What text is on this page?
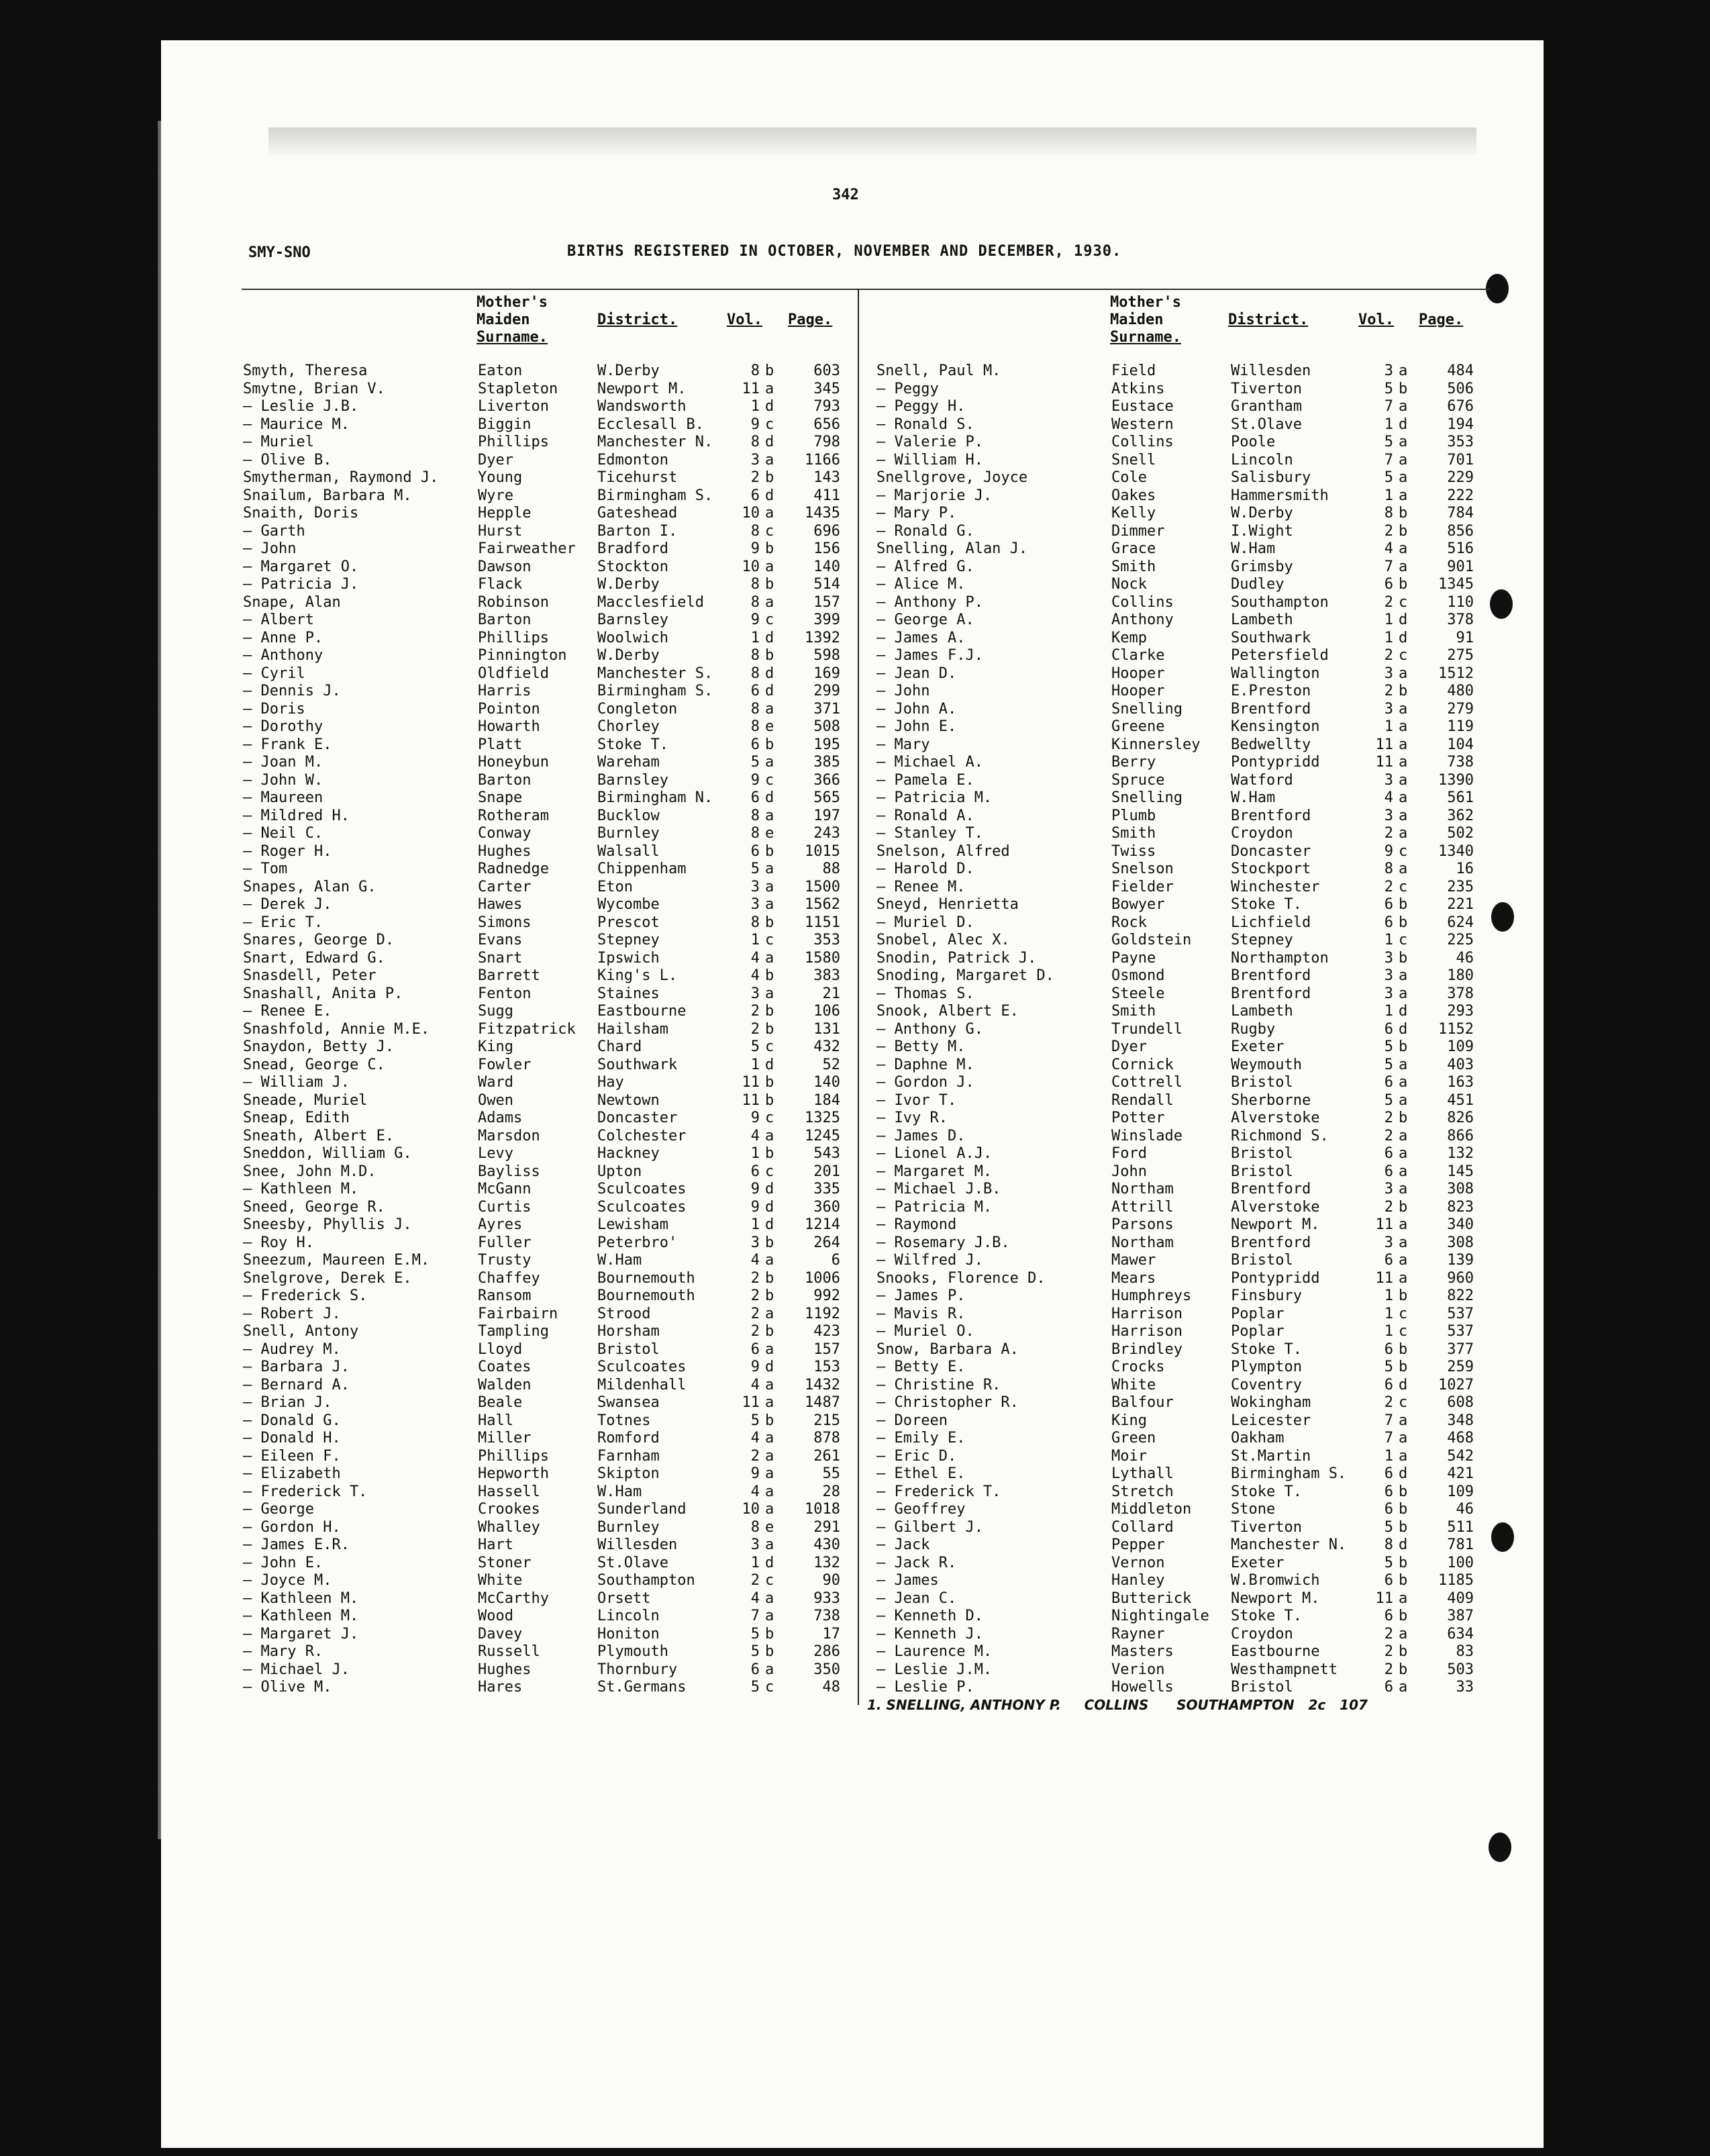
342
SMY-SNO	BIRTHS REGISTERED IN OCTOBER, NOVEMBER AND DECEMBER, 1930.
Mother's
Maiden
Surname.
District.	Vol. Page.
Mother's
Maiden
Surname.
District.	Vol. Page.
Smyth, Theresa	Eaton	W.Derby	8 b	603
Smytne, Brian V.	Stapleton	Newport M.	11 a	345
— Leslie J.B.	Liverton	Wandsworth	1 d	793
— Maurice M.	Biggin	Ecclesall B.	9 c	656
— Muriel	Phillips	Manchester N.	8 d	798
— Olive B.	Dyer	Edmonton	3 a	1166
Smytherman, Raymond J.	Young	Ticehurst	2 b	143
Snailum, Barbara M.	Wyre	Birmingham S.	6 d	411
Snaith, Doris	Hepple	Gateshead	10 a	1435
— Garth	Hurst	Barton I.	8 c	696
— John	Fairweather Bradford	9 b	156
— Margaret O.	Dawson	Stockton	10 a	140
— Patricia J.	Flack	W.Derby	8 b	514
Snape, Alan	Robinson	Macclesfield	8 a	157
— Albert	Barton	Barnsley	9 c	399
— Anne P.	Phillips	Woolwich	1 d	1392
— Anthony	Pinnington W.Derby	8 b	598
— Cyril	Oldfield	Manchester S.	8 d	169
— Dennis J.	Harris	Birmingham S.	6 d	299
— Doris	Pointon	Congleton	8 a	371
— Dorothy	Howarth	Chorley	8 e	508
— Frank E.	Platt	Stoke T.	6 b	195
— Joan M.	Honeybun	Wareham	5 a	385
— John W.	Barton	Barnsley	9 c	366
— Maureen	Snape	Birmingham N.	6 d	565
— Mildred H.	Rotheram	Bucklow	8 a	197
— Neil C.	Conway	Burnley	8 e	243
— Roger H.	Hughes	Walsall	6 b	1015
— Tom	Radnedge	Chippenham	5 a	88
Snapes, Alan G.	Carter	Eton	3 a	1500
— Derek J.	Hawes	Wycombe	3 a	1562
— Eric T.	Simons	Prescot	8 b	1151
Snares, George D.	Evans	Stepney	1 c	353
Snart, Edward G.	Snart	Ipswich	4 a	1580
Snasdell, Peter	Barrett	King's L.	4 b	383
Snashall, Anita P.	Fenton	Staines	3 a	21
— Renee E.	Sugg	Eastbourne	2 b	106
Snashfold, Annie M.E.	Fitzpatrick Hailsham	2 b	131
Snaydon, Betty J.	King	Chard	5 c	432
Snead, George C.	Fowler	Southwark	1 d	52
— William J.	Ward	Hay	11 b	140
Sneade, Muriel	Owen	Newtown	11 b	184
Sneap, Edith	Adams	Doncaster	9 c	1325
Sneath, Albert E.	Marsdon	Colchester	4 a	1245
Sneddon, William G.	Levy	Hackney	1 b	543
Snee, John M.D.	Bayliss	Upton	6 c	201
— Kathleen M.	McGann	Sculcoates	9 d	335
Sneed, George R.	Curtis	Sculcoates	9 d	360
Sneesby, Phyllis J.	Ayres	Lewisham	1 d	1214
— Roy H.	Fuller	Peterbro'	3 b	264
Sneezum, Maureen E.M.	Trusty	W.Ham	4 a	6
Snelgrove, Derek E.	Chaffey	Bournemouth	2 b	1006
— Frederick S.	Ransom	Bournemouth	2 b	992
— Robert J.	Fairbairn	Strood	2 a	1192
Snell, Antony	Tampling	Horsham	2 b	423
— Audrey M.	Lloyd	Bristol	6 a	157
— Barbara J.	Coates	Sculcoates	9 d	153
— Bernard A.	Walden	Mildenhall	4 a	1432
— Brian J.	Beale	Swansea	11 a	1487
— Donald G.	Hall	Totnes	5 b	215
— Donald H.	Miller	Romford	4 a	878
— Eileen F.	Phillips	Farnham	2 a	261
— Elizabeth	Hepworth	Skipton	9 a	55
— Frederick T.	Hassell	W.Ham	4 a	28
— George	Crookes	Sunderland	10 a	1018
— Gordon H.	Whalley	Burnley	8 e	291
— James E.R.	Hart	Willesden	3 a	430
— John E.	Stoner	St.Olave	1 d	132
— Joyce M.	White	Southampton	2 c	90
— Kathleen M.	McCarthy	Orsett	4 a	933
— Kathleen M.	Wood	Lincoln	7 a	738
— Margaret J.	Davey	Honiton	5 b	17
— Mary R.	Russell	Plymouth	5 b	286
— Michael J.	Hughes	Thornbury	6 a	350
— Olive M.	Hares	St.Germans	5 c	48
Snell, Paul M.	Field	Willesden	3 a	484
— Peggy	Atkins	Tiverton	5 b	506
— Peggy H.	Eustace	Grantham	7 a	676
— Ronald S.	Western	St.Olave	1 d	194
— Valerie P.	Collins	Poole	5 a	353
— William H.	Snell	Lincoln	7 a	701
Snellgrove, Joyce	Cole	Salisbury	5 a	229
— Marjorie J.	Oakes	Hammersmith	1 a	222
— Mary P.	Kelly	W.Derby	8 b	784
— Ronald G.	Dimmer	I.Wight	2 b	856
Snelling, Alan J.	Grace	W.Ham	4 a	516
— Alfred G.	Smith	Grimsby	7 a	901
— Alice M.	Nock	Dudley	6 b	1345
— Anthony P.	Collins	Southampton	2 c	110
— George A.	Anthony	Lambeth	1 d	378
— James A.	Kemp	Southwark	1 d	91
— James F.J.	Clarke	Petersfield	2 c	275
— Jean D.	Hooper	Wallington	3 a	1512
— John	Hooper	E.Preston	2 b	480
— John A.	Snelling	Brentford	3 a	279
— John E.	Greene	Kensington	1 a	119
— Mary	Kinnersley Bedwellty	11 a	104
— Michael A.	Berry	Pontypridd	11 a	738
— Pamela E.	Spruce	Watford	3 a	1390
— Patricia M.	Snelling	W.Ham	4 a	561
— Ronald A.	Plumb	Brentford	3 a	362
— Stanley T.	Smith	Croydon	2 a	502
Snelson, Alfred	Twiss	Doncaster	9 c	1340
— Harold D.	Snelson	Stockport	8 a	16
— Renee M.	Fielder	Winchester	2 c	235
Sneyd, Henrietta	Bowyer	Stoke T.	6 b	221
— Muriel D.	Rock	Lichfield	6 b	624
Snobel, Alec X.	Goldstein	Stepney	1 c	225
Snodin, Patrick J.	Payne	Northampton	3 b	46
Snoding, Margaret D.	Osmond	Brentford	3 a	180
— Thomas S.	Steele	Brentford	3 a	378
Snook, Albert E.	Smith	Lambeth	1 d	293
— Anthony G.	Trundell	Rugby	6 d	1152
— Betty M.	Dyer	Exeter	5 b	109
— Daphne M.	Cornick	Weymouth	5 a	403
— Gordon J.	Cottrell	Bristol	6 a	163
— Ivor T.	Rendall	Sherborne	5 a	451
— Ivy R.	Potter	Alverstoke	2 b	826
— James D.	Winslade	Richmond S.	2 a	866
— Lionel A.J.	Ford	Bristol	6 a	132
— Margaret M.	John	Bristol	6 a	145
— Michael J.B.	Northam	Brentford	3 a	308
— Patricia M.	Attrill	Alverstoke	2 b	823
— Raymond	Parsons	Newport M.	11 a	340
— Rosemary J.B.	Northam	Brentford	3 a	308
— Wilfred J.	Mawer	Bristol	6 a	139
Snooks, Florence D.	Mears	Pontypridd	11 a	960
— James P.	Humphreys	Finsbury	1 b	822
— Mavis R.	Harrison	Poplar	1 c	537
— Muriel O.	Harrison	Poplar	1 c	537
Snow, Barbara A.	Brindley	Stoke T.	6 b	377
— Betty E.	Crocks	Plympton	5 b	259
— Christine R.	White	Coventry	6 d	1027
— Christopher R.	Balfour	Wokingham	2 c	608
— Doreen	King	Leicester	7 a	348
— Emily E.	Green	Oakham	7 a	468
— Eric D.	Moir	St.Martin	1 a	542
— Ethel E.	Lythall	Birmingham S.	6 d	421
— Frederick T.	Stretch	Stoke T.	6 b	109
— Geoffrey	Middleton	Stone	6 b	46
— Gilbert J.	Collard	Tiverton	5 b	511
— Jack	Pepper	Manchester N.	8 d	781
— Jack R.	Vernon	Exeter	5 b	100
— James	Hanley	W.Bromwich	6 b	1185
— Jean C.	Butterick	Newport M.	11 a	409
— Kenneth D.	Nightingale Stoke T.	6 b	387
— Kenneth J.	Rayner	Croydon	2 a	634
— Laurence M.	Masters	Eastbourne	2 b	83
— Leslie J.M.	Verion	Westhampnett	2 b	503
— Leslie P.	Howells	Bristol	6 a	33
1. SNELLING, ANTHONY P.     COLLINS      SOUTHAMPTON   2c   107
